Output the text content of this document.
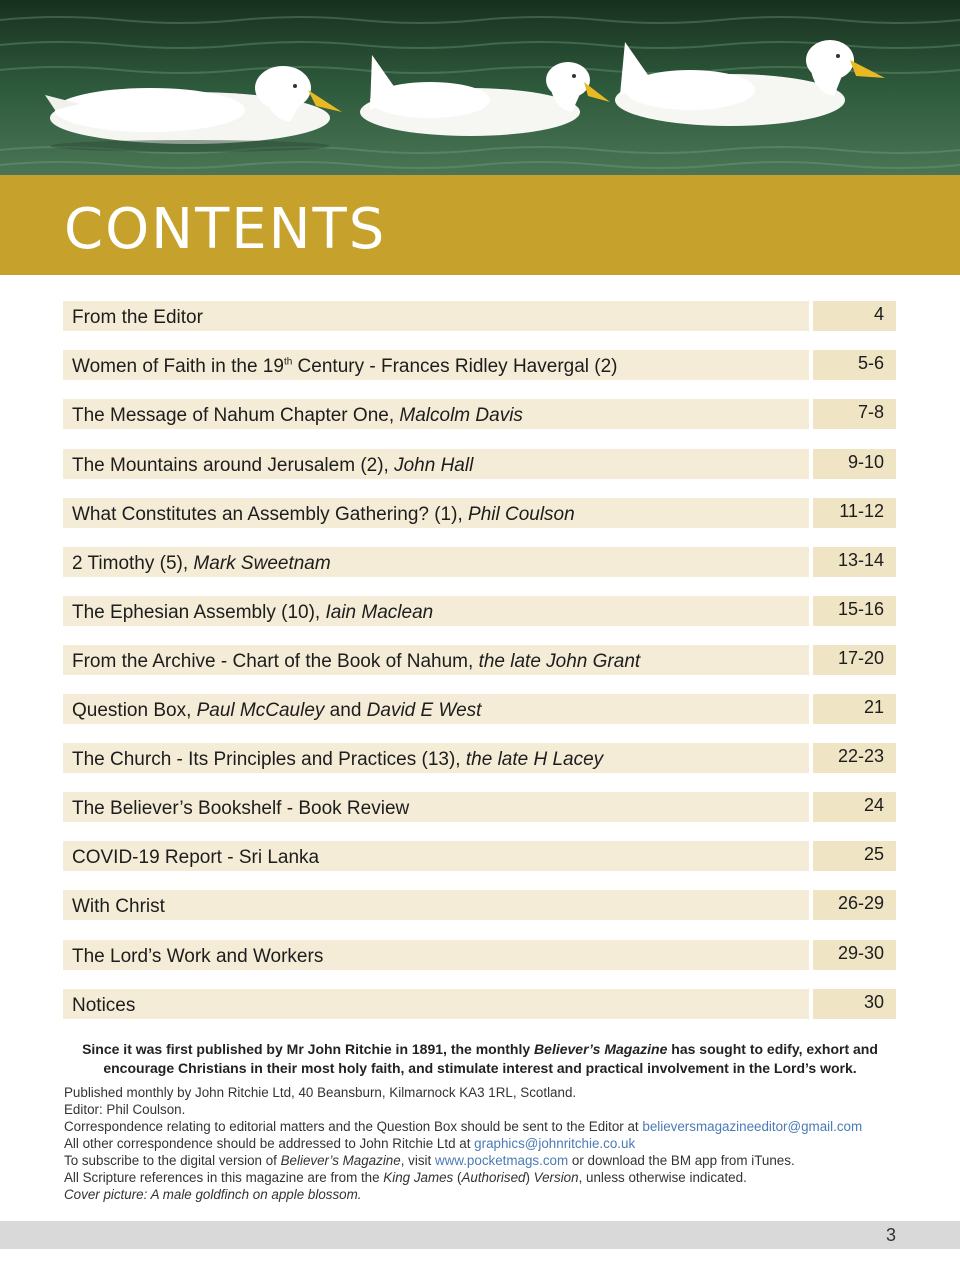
CONTENTS
From the Editor	4
Women of Faith in the 19th Century - Frances Ridley Havergal (2)	5-6
The Message of Nahum Chapter One, Malcolm Davis	7-8
The Mountains around Jerusalem (2), John Hall	9-10
What Constitutes an Assembly Gathering? (1), Phil Coulson	11-12
2 Timothy (5), Mark Sweetnam	13-14
The Ephesian Assembly (10), Iain Maclean	15-16
From the Archive - Chart of the Book of Nahum, the late John Grant	17-20
Question Box, Paul McCauley and David E West	21
The Church - Its Principles and Practices (13), the late H Lacey	22-23
The Believer’s Bookshelf - Book Review	24
COVID-19 Report - Sri Lanka	25
With Christ	26-29
The Lord’s Work and Workers	29-30
Notices	30
Since it was first published by Mr John Ritchie in 1891, the monthly Believer’s Magazine has sought to edify, exhort and encourage Christians in their most holy faith, and stimulate interest and practical involvement in the Lord’s work.
Published monthly by John Ritchie Ltd, 40 Beansburn, Kilmarnock KA3 1RL, Scotland.
Editor: Phil Coulson.
Correspondence relating to editorial matters and the Question Box should be sent to the Editor at believersmagazineeditor@gmail.com
All other correspondence should be addressed to John Ritchie Ltd at graphics@johnritchie.co.uk
To subscribe to the digital version of Believer’s Magazine, visit www.pocketmags.com or download the BM app from iTunes.
All Scripture references in this magazine are from the King James (Authorised) Version, unless otherwise indicated.
Cover picture: A male goldfinch on apple blossom.
3
